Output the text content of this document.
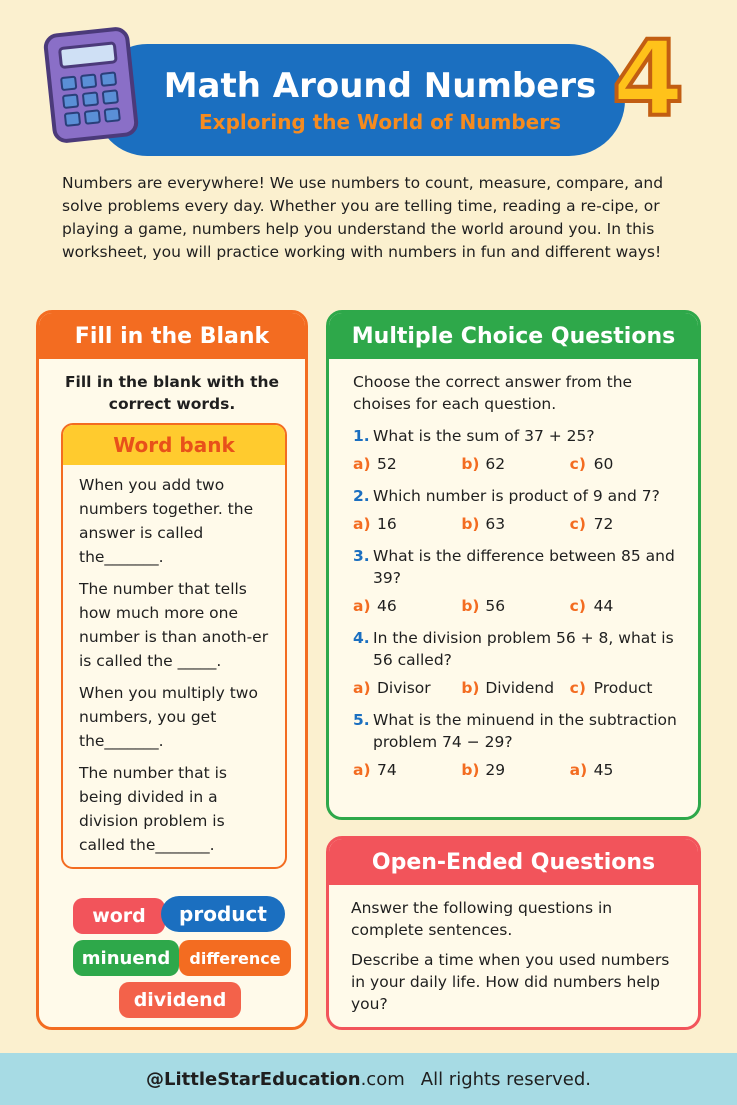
Math Around Numbers
Exploring the World of Numbers 4

Numbers are everywhere! We use numbers to count, measure, compare, and solve problems every day. Whether you are telling time, reading a re-cipe, or playing a game, numbers help you understand the world around you. In this worksheet, you will practice working with numbers in fun and different ways!

Fill in the Blank
Fill in the blank with the correct words.
Word bank
When you add two numbers together. the answer is called the_______.
The number that tells how much more one number is than anoth-er is called the _____.
When you multiply two numbers, you get the_______.
The number that is being divided in a division problem is called the_______.
word	product
minuend	difference
dividend
Multiple Choice Questions
Choose the correct answer from the choises for each question.
1. What is the sum of 37 + 25?
a) 52	b) 62	c) 60
2. Which number is product of 9 and 7?
a) 16	b) 63	c) 72
3. What is the difference between 85 and 39?
a) 46	b) 56	c) 44
4. In the division problem 56 + 8, what is 56 called?
a) Divisor b) Dividend c) Product
5. What is the minuend in the subtraction problem 74 − 29?
a) 74	b) 29	a) 45
Open-Ended Questions

Answer the following questions in complete sentences.

Describe a time when you used numbers in your daily life. How did numbers help you?

@LittleStarEducation .com All rights reserved.
